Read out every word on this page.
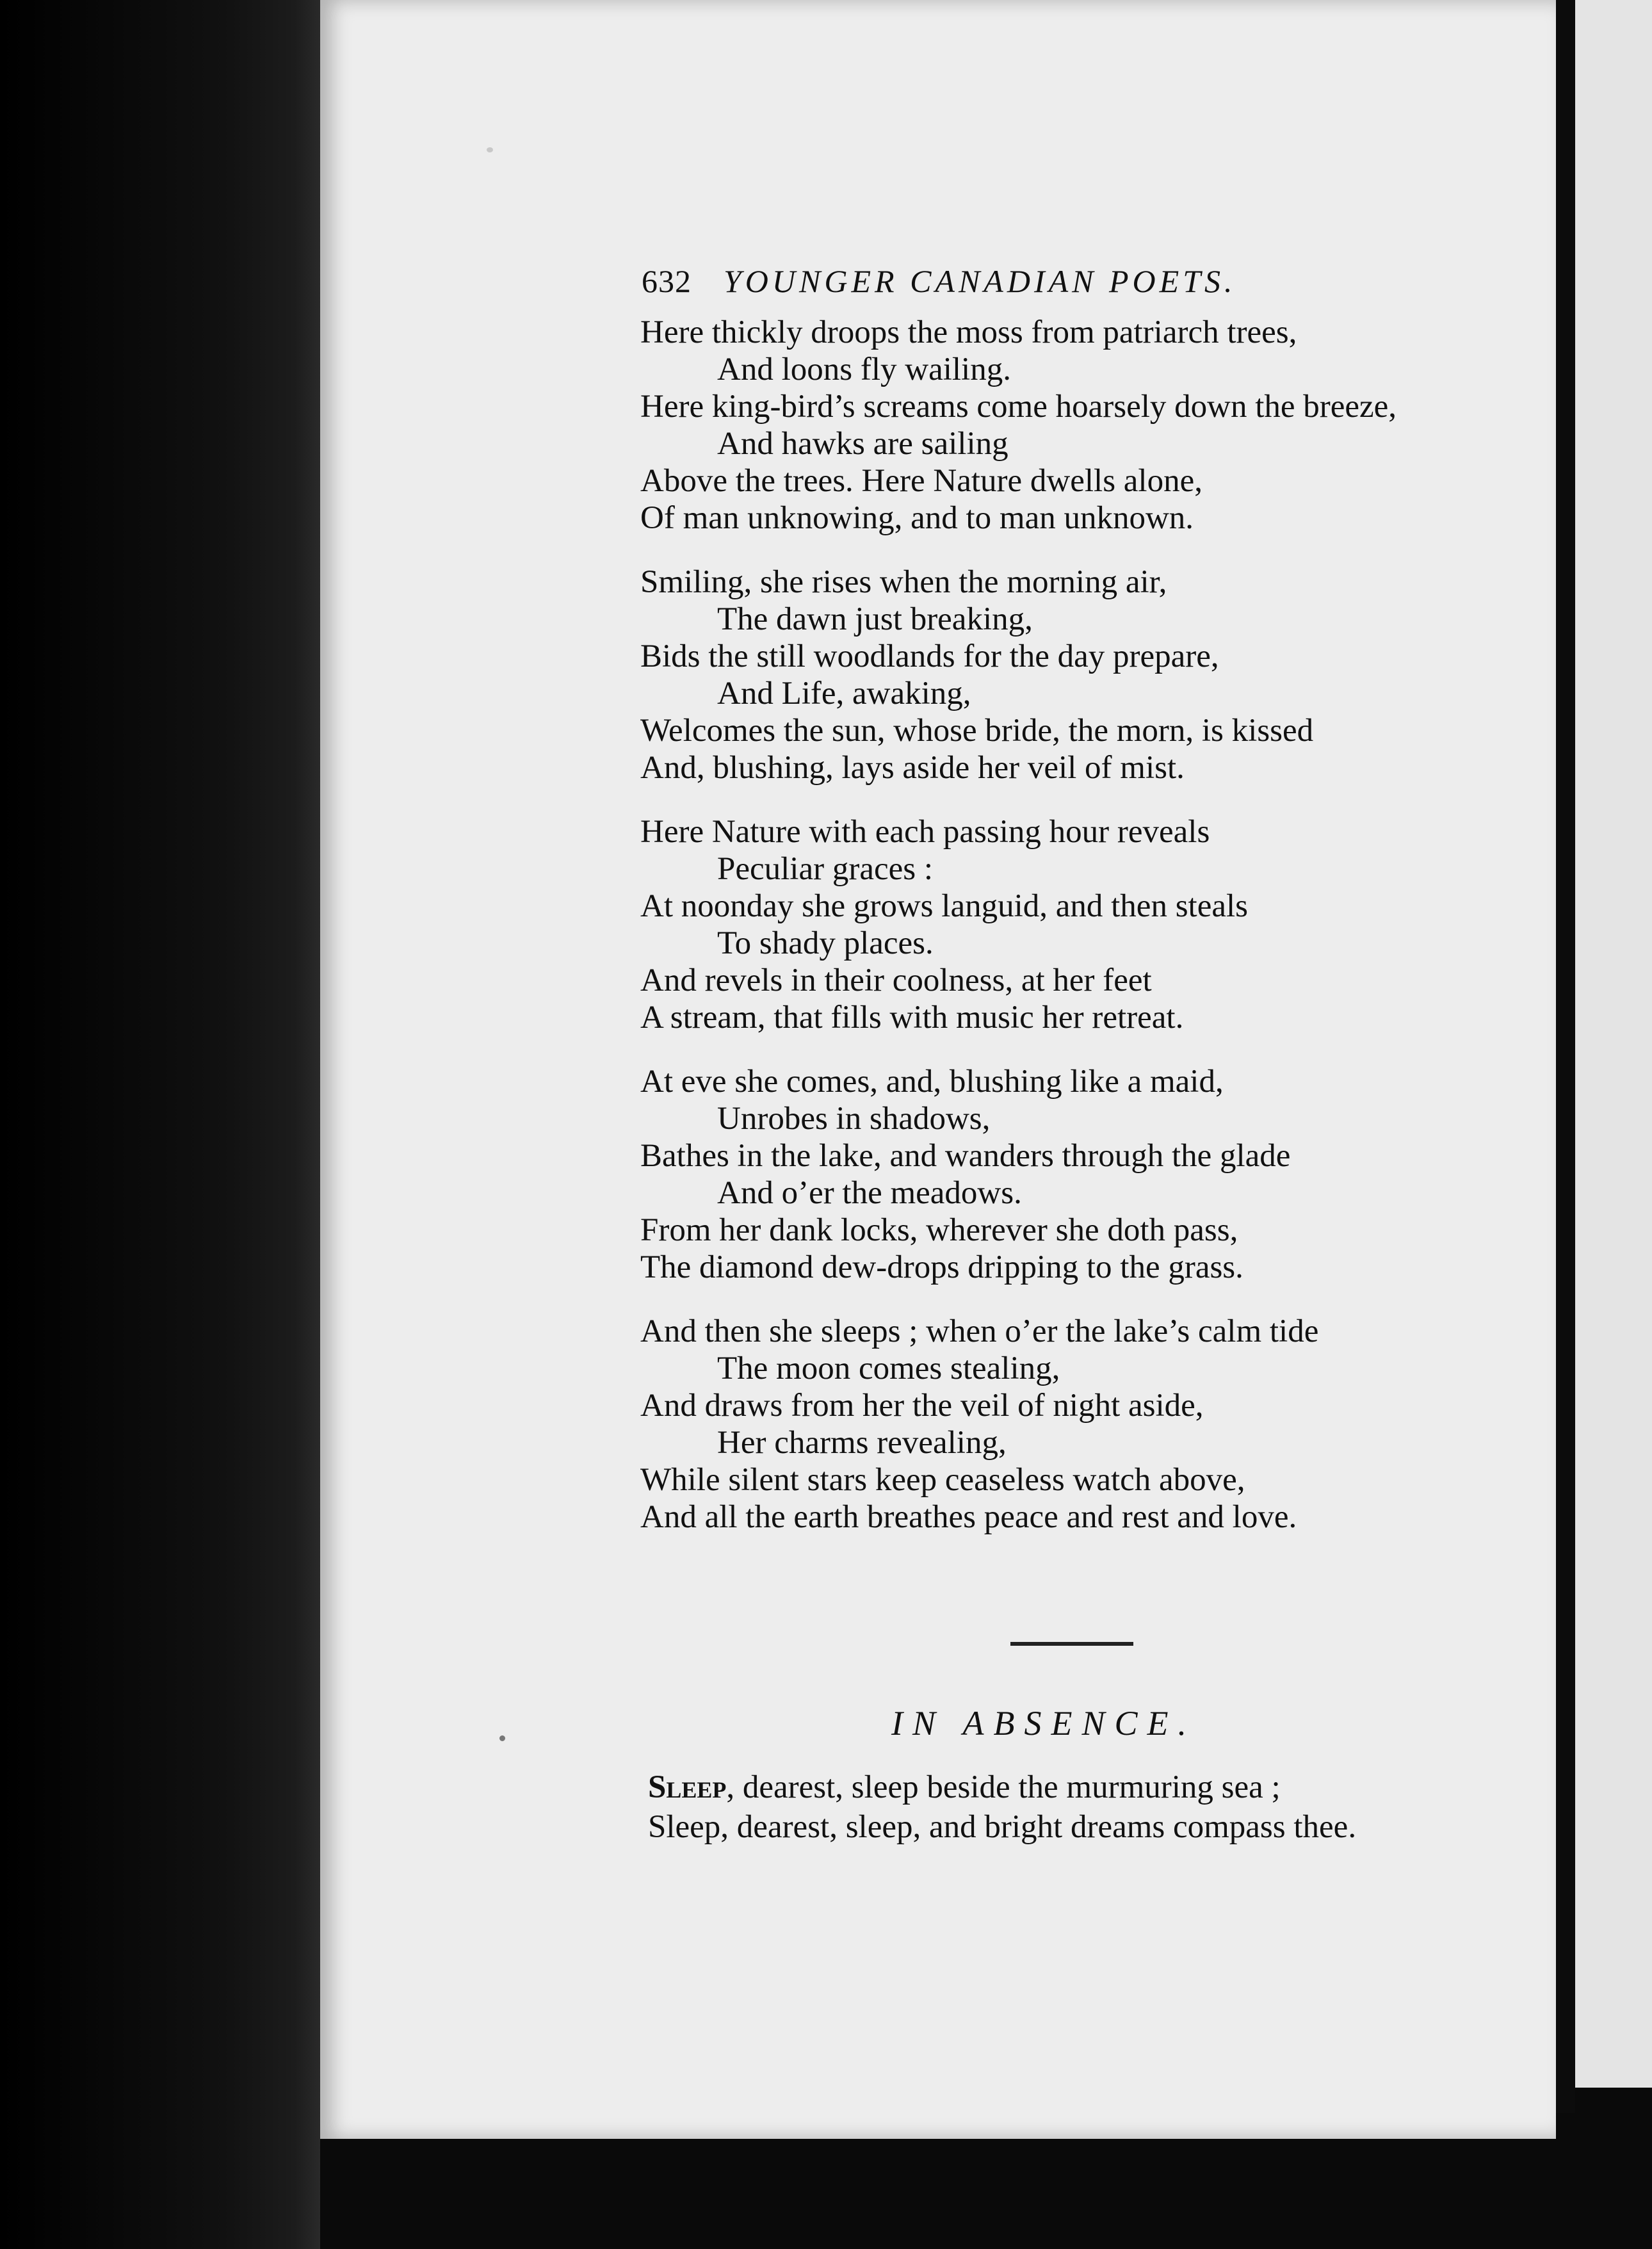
632 YOUNGER CANADIAN POETS.
Here thickly droops the moss from patriarch trees,
And loons fly wailing.
Here king-bird’s screams come hoarsely down the breeze,
And hawks are sailing
Above the trees. Here Nature dwells alone,
Of man unknowing, and to man unknown.
Smiling, she rises when the morning air,
The dawn just breaking,
Bids the still woodlands for the day prepare,
And Life, awaking,
Welcomes the sun, whose bride, the morn, is kissed
And, blushing, lays aside her veil of mist.
Here Nature with each passing hour reveals
Peculiar graces :
At noonday she grows languid, and then steals
To shady places.
And revels in their coolness, at her feet
A stream, that fills with music her retreat.
At eve she comes, and, blushing like a maid,
Unrobes in shadows,
Bathes in the lake, and wanders through the glade
And o’er the meadows.
From her dank locks, wherever she doth pass,
The diamond dew-drops dripping to the grass.
And then she sleeps ; when o’er the lake’s calm tide
The moon comes stealing,
And draws from her the veil of night aside,
Her charms revealing,
While silent stars keep ceaseless watch above,
And all the earth breathes peace and rest and love.
IN ABSENCE.
Sleep, dearest, sleep beside the murmuring sea ;
Sleep, dearest, sleep, and bright dreams compass thee.
